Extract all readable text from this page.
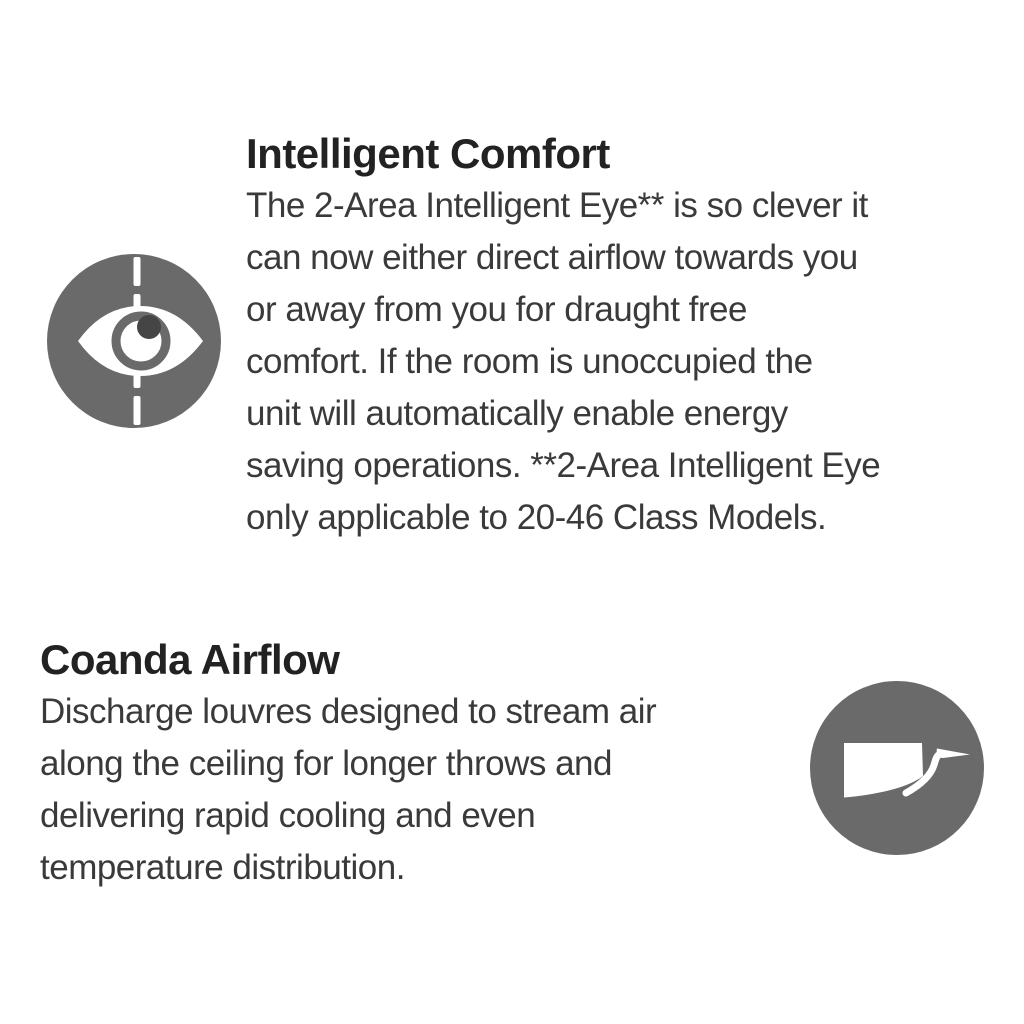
Intelligent Comfort
The 2-Area Intelligent Eye** is so clever it
can now either direct airflow towards you
or away from you for draught free
comfort. If the room is unoccupied the
unit will automatically enable energy
saving operations. **2-Area Intelligent Eye
only applicable to 20-46 Class Models.
Coanda Airflow
Discharge louvres designed to stream air
along the ceiling for longer throws and
delivering rapid cooling and even
temperature distribution.
